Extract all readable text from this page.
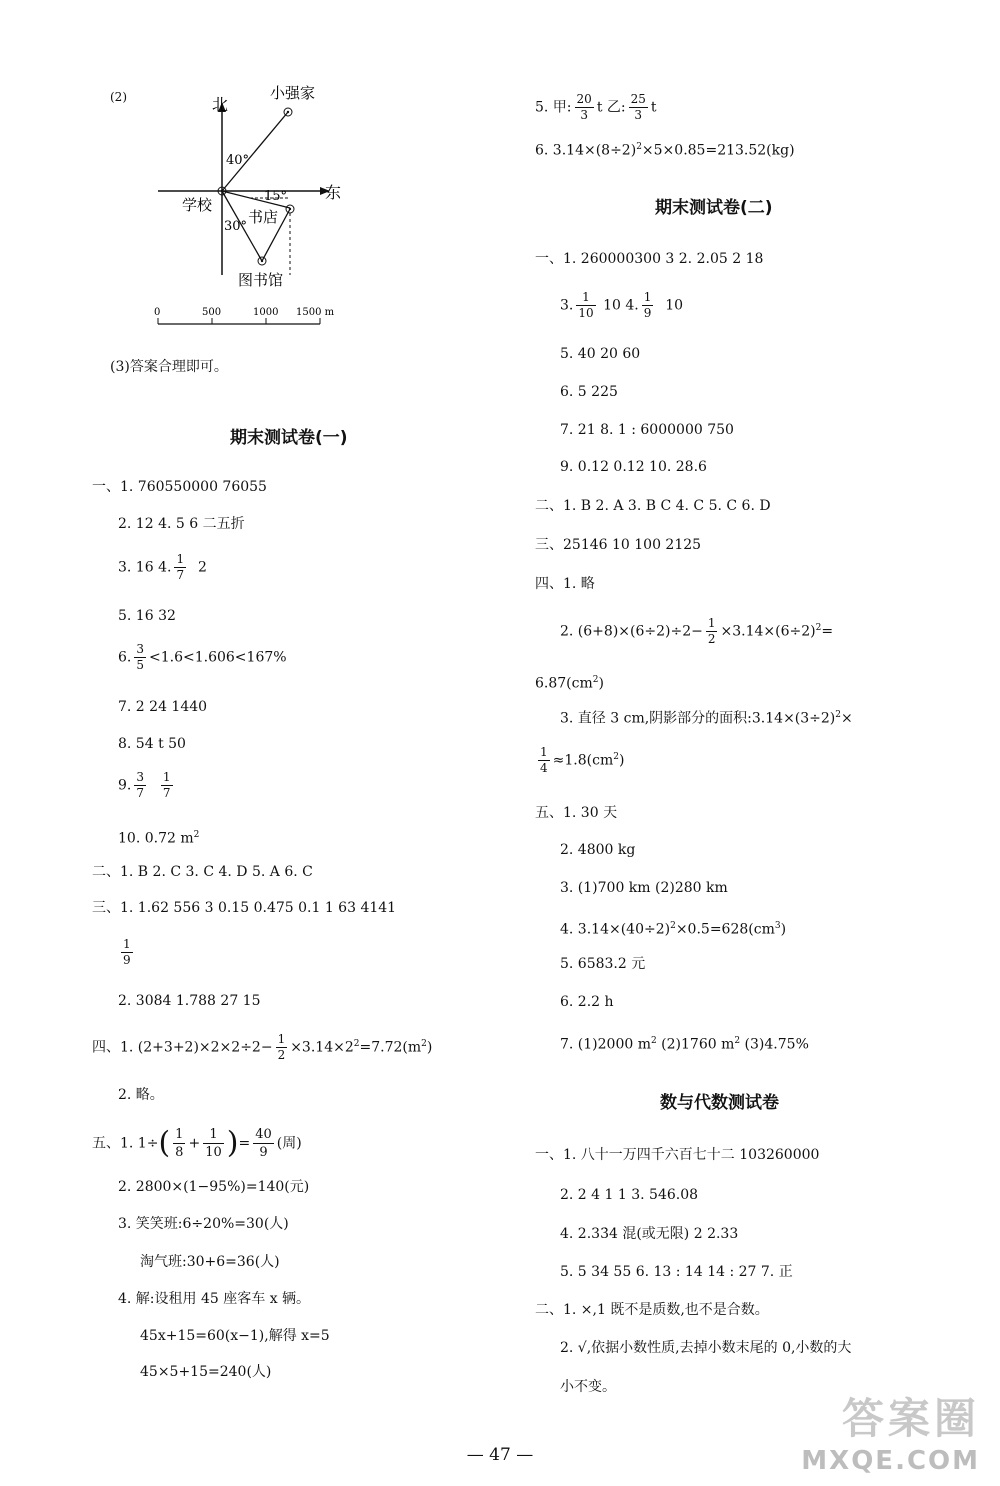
(2)	北
东
学校
小强家
40°
15°
书店
30°
图书馆
0	500	1000 1500 m
(3)答案合理即可。
期末测试卷(一)
一、1. 760550000 76055
2. 12 4. 5 6 二五折
3. 16 4. $\frac{1}{7} 2$
5. 16 32
6. $\frac{3}{5} <1.6<1.606<167\%$
7. 2 24 1440
8. 54 t 50
9. $\frac{3}{7}$
$\frac{1}{7}$
10. 0.72 $m^2$
二、1. B 2. C 3. C 4. D 5. A 6. C
三、1. 1.62 556 3 0.15 0.475 0.1 1 63 4141
$\frac{1}{9}$
2. 3084 1.788 27 15
四、1. $(2+3+2)\times 2\times 2\div 2- \frac{1}{2} \times 3.14\times 2^2=7.72(m^2)$
2. 略。
五、1. $1\div( \frac{1}{8} + \frac{1}{10}$ )= $\frac{40}{9}$ (周)
2. 2800×(1−95%)=140(元)
3. 笑笑班:6÷20%=30(人)
淘气班:30+6=36(人)
4. 解:设租用 45 座客车 x 辆。
45x+15=60(x−1),解得 x=5
45×5+15=240(人)
5. 甲: $\frac{20}{3}$ t 乙: $\frac{25}{3}$ t
6. $3.14\times(8\div 2)^2\times 5\times 0.85=213.52(kg)$
期末测试卷(二)
一、1. 260000300 3 2. 2.05 2 18
3. $\frac{1}{10} 10$ 4. $\frac{1}{9} 10$
5. 40 20 60
6. 5 225
7. 21 8. 1 : 6000000 750
9. 0.12 0.12 10. 28.6
二、1. B 2. A 3. B C 4. C 5. C 6. D
三、25146 10 100 2125
四、1. 略
2. $(6+8)\times(6\div 2)\div 2- \frac{1}{2} \times 3.14\times(6\div 2)^2=$
$6.87(cm^2)$
3. 直径 3 cm,阴影部分的面积$:3.14\times(3\div 2)^2\times$
$\frac{1}{4} \approx 1.8(cm^2)$
五、1. 30 天
2. 4800 kg
3. (1)700 km (2)280 km
4. $3.14\times(40\div 2)^2\times 0.5=628(cm^3)$
5. 6583.2 元
6. 2.2 h
7. (1)2000 $m^2$ (2)1760 $m^2$ (3)4.75%
数与代数测试卷
一、1. 八十一万四千六百七十二 103260000
2. 2 4 1 1 3. 546.08
4. 2.33̇4̇ 混(或无限) 2 2.33
5. 5 34 55 6. 13 : 14 14 : 27 7. 正
二、1. ×,1 既不是质数,也不是合数。
2. √,依据小数性质,去掉小数末尾的 0,小数的大
小不变。
— 47 —
答案圈
MXQE.COM
